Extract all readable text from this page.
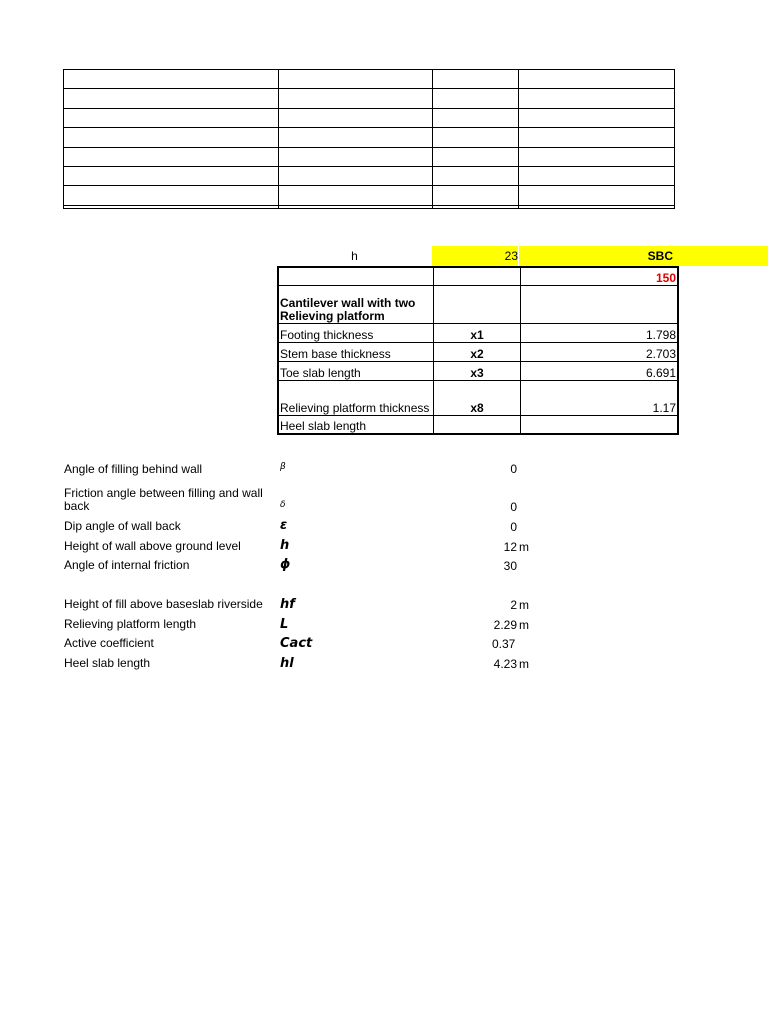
h	23	SBC
		150
Cantilever wall with two Relieving platform		
Footing thickness	x1	1.798
Stem base thickness	x2	2.703
Toe slab length	x3	6.691
Relieving platform thickness	x8	1.17
Heel slab length		
Angle of filling behind wall	β	0
Friction angle between filling and wall back	δ	0
Dip angle of wall back	ε	0
Height of wall above ground level	h	12 m
Angle of internal friction	ϕ	30
Height of fill above baseslab riverside	hf	2 m
Relieving platform length	L	2.29 m
Active coefficient	Cact	0.37
Heel slab length	hl	4.23 m
